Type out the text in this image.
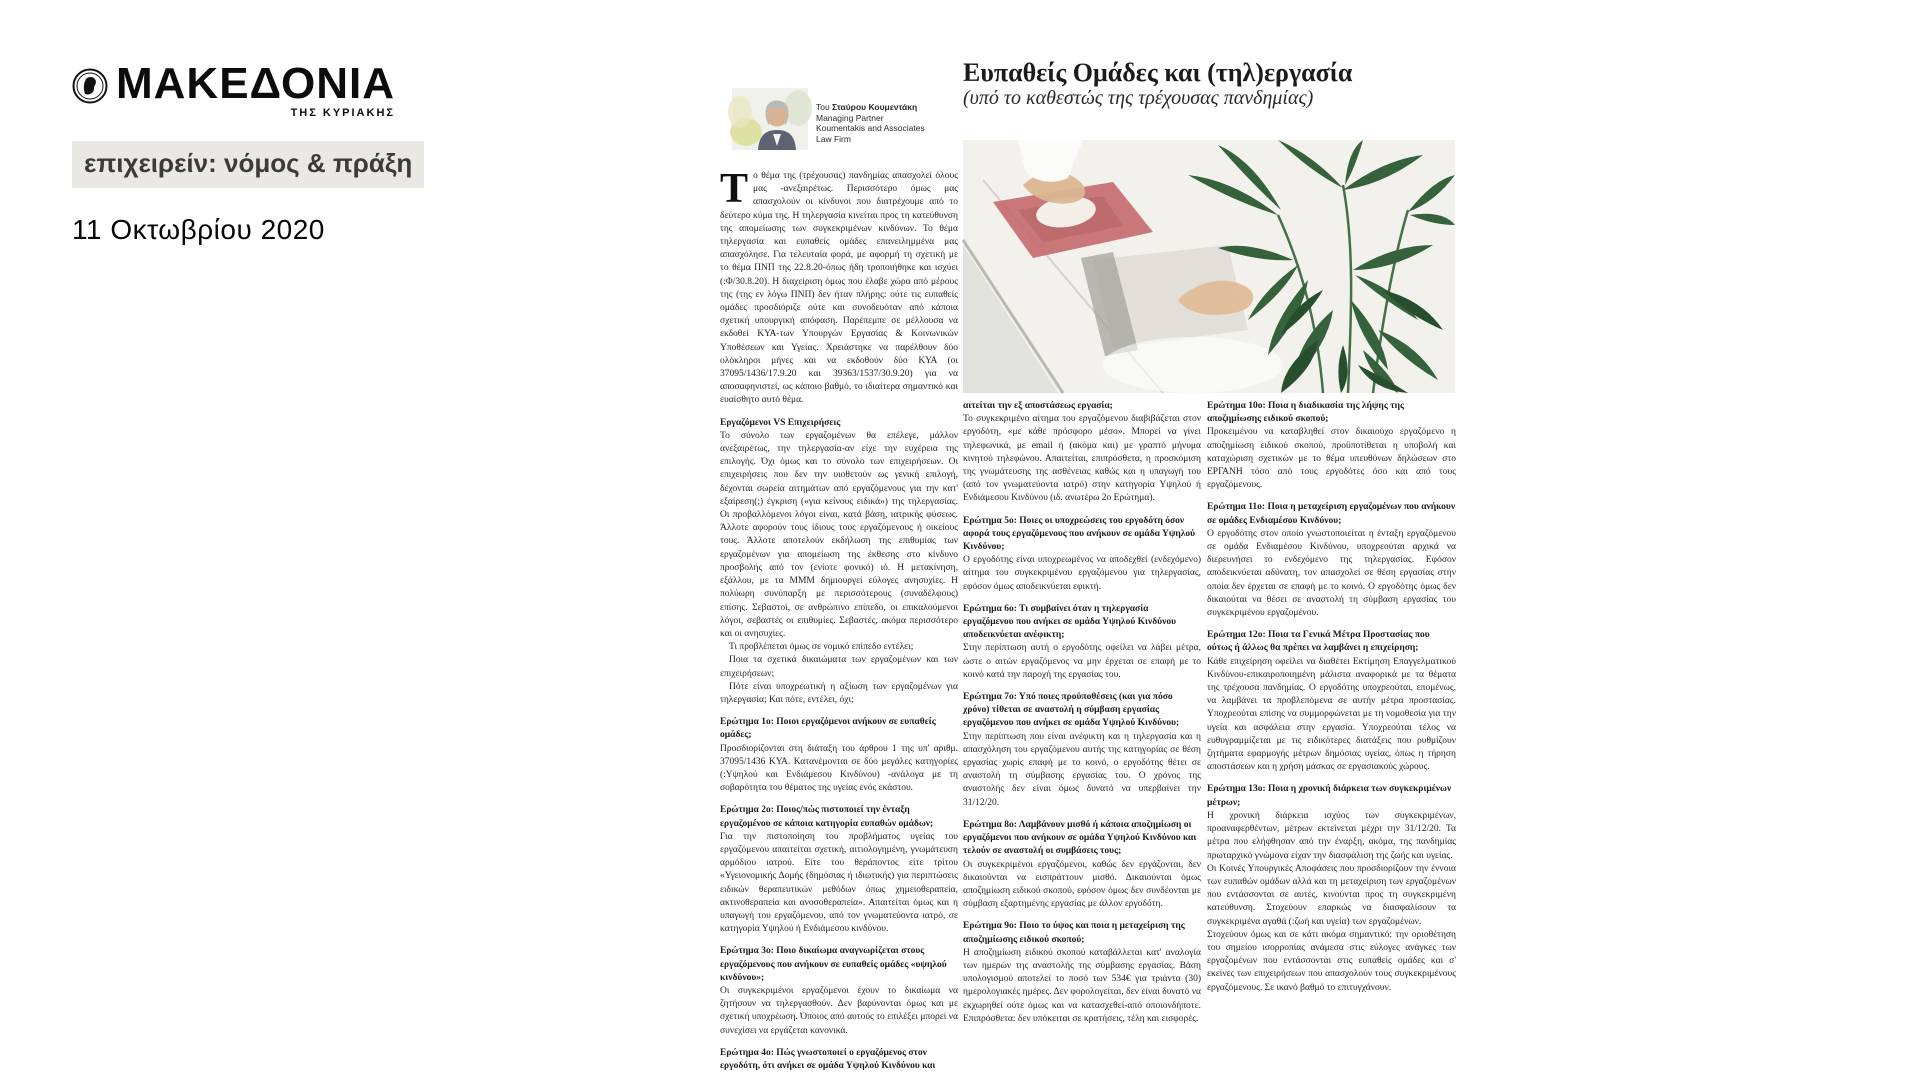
ΜΑΚΕΔΟΝΙΑ
ΤΗΣ ΚΥΡΙΑΚΗΣ
επιχειρείν: νόμος & πράξη
11 Οκτωβρίου 2020
Του Σταύρου Κουμεντάκη
Managing Partner
Koumentakis and Associates
Law Firm
Ευπαθείς Ομάδες και (τηλ)εργασία
(υπό το καθεστώς της τρέχουσας πανδημίας)

Το θέμα της (τρέχουσας) πανδημίας απασχολεί όλους μας -ανεξαιρέτως. Περισσότερο όμως μας απασχολούν οι κίνδυνοι που διατρέχουμε από το δεύτερο κύμα της. Η τηλεργασία κινείται προς τη κατεύθυνση της απομείωσης των συγκεκριμένων κινδύνων. Το θέμα τηλεργασία και ευπαθείς ομάδες επανειλημμένα μας απασχόλησε. Για τελευταία φορά, με αφορμή τη σχετική με το θέμα ΠΝΠ της 22.8.20-όπως ήδη τροποιήθηκε και ισχύει (:Φ/30.8.20). Η διαχείριση όμως που έλαβε χώρα από μέρους της (της εν λόγω ΠΝΠ) δεν ήταν πλήρης: ούτε τις ευπαθείς ομάδες προσδιόριζε ούτε και συνοδευόταν από κάποια σχετική υπουργική απόφαση. Παρέπεμπε σε μέλλουσα να εκδοθεί ΚΥΑ-των Υπουργών Εργασίας & Κοινωνικών Υποθέσεων και Υγείας. Χρειάστηκε να παρέλθουν δύο ολόκληροι μήνες και να εκδοθούν δύο ΚΥΑ (οι 37095/1436/17.9.20 και 39363/1537/30.9.20) για να αποσαφηνιστεί, ως κάποιο βαθμό, το ιδιαίτερα σημαντικό και ευαίσθητο αυτό θέμα.

Εργαζόμενοι VS Επιχειρήσεις

Το σύνολο των εργαζομένων θα επέλεγε, μάλλον ανεξαιρέτως, την τηλεργασία-αν είχε την ευχέρεια της επιλογής. Όχι όμως και το σύνολο των επιχειρήσεων. Οι επιχειρήσεις που δεν την υιοθετούν ως γενική επιλογή, δέχονται σωρεία αιτημάτων από εργαζόμενους για την κατ' εξαίρεση(;) έγκριση («για κείνους ειδικά») της τηλεργασίας. Οι προβαλλόμενοι λόγοι είναι, κατά βάση, ιατρικής φύσεως. Άλλοτε αφορούν τους ίδιους τους εργαζόμενους ή οικείους τους. Άλλοτε αποτελούν εκδήλωση της επιθυμίας των εργαζομένων για απομείωση της έκθεσης στο κίνδυνο προσβολής από τον (ενίοτε φονικό) ιό. Η μετακίνηση, εξάλλου, με τα ΜΜΜ δημιουργεί εύλογες ανησυχίες. Η πολύωρη συνύπαρξη με περισσότερους (συναδέλφους) επίσης. Σεβαστοί, σε ανθρώπινο επίπεδο, οι επικαλούμενοι λόγοι, σεβαστές οι επιθυμίες. Σεβαστές, ακόμα περισσότερο και οι ανησυχίες.

Τι προβλέπεται όμως σε νομικό επίπεδο εντέλει;

Ποια τα σχετικά δικαιώματα των εργαζομένων και των επιχειρήσεων;

Πότε είναι υποχρεωτική η αξίωση των εργαζομένων για τηλεργασία; Και πότε, εντέλει, όχι;

Ερώτημα 1ο: Ποιοι εργαζόμενοι ανήκουν σε ευπαθείς ομάδες;

Προσδιορίζονται στη διάταξη του άρθρου 1 της υπ' αριθμ. 37095/1436 ΚΥΑ. Κατανέμονται σε δύο μεγάλες κατηγορίες (:Υψηλού και Ενδιάμεσου Κινδύνου) -ανάλογα με τη σοβαρότητα του θέματος της υγείας ενός εκάστου.

Ερώτημα 2ο: Ποιος/πώς πιστοποιεί την ένταξη εργαζομένου σε κάποια κατηγορία ευπαθών ομάδων;

Για την πιστοποίηση του προβλήματος υγείας του εργαζόμενου απαιτείται σχετική, αιτιολογημένη, γνωμάτευση αρμόδιου ιατρού. Είτε του θεράποντος είτε τρίτου «Υγειονομικής Δομής (δημόσιας ή ιδιωτικής) για περιπτώσεις ειδικών θεραπευτικών μεθόδων όπως χημειοθεραπεία, ακτινοθεραπεία και ανοσοθεραπεία». Απαιτείται όμως και η υπαγωγή του εργαζόμενου, από τον γνωματεύοντα ιατρό, σε κατηγορία Υψηλού ή Ενδιάμεσου κινδύνου.

Ερώτημα 3ο: Ποιο δικαίωμα αναγνωρίζεται στους εργαζόμενους που ανήκουν σε ευπαθείς ομάδες «υψηλού κινδύνου»;

Οι συγκεκριμένοι εργαζόμενοι έχουν το δικαίωμα να ζητήσουν να τηλεργασθούν. Δεν βαρύνονται όμως και με σχετική υποχρέωση. Όποιος από αυτούς το επιλέξει μπορεί να συνεχίσει να εργάζεται κανονικά.

Ερώτημα 4ο: Πώς γνωστοποιεί ο εργαζόμενος στον εργοδότη, ότι ανήκει σε ομάδα Υψηλού Κινδύνου και

αιτείται την εξ αποστάσεως εργασία;

Το συγκεκριμένο αίτημα του εργαζόμενου διαβιβάζεται στον εργοδότη, «με κάθε πρόσφορο μέσο». Μπορεί να γίνει τηλεφωνικά, με email ή (ακόμα και) με γραπτό μήνυμα κινητού τηλεφώνου. Απαιτείται, επιπρόσθετα, η προσκόμιση της γνωμάτευσης της ασθένειας καθώς και η υπαγωγή του (από τον γνωματεύοντα ιατρό) στην κατηγορία Υψηλού ή Ενδιάμεσου Κινδύνου (ιδ. ανωτέρω 2ο Ερώτημα).

Ερώτημα 5ο: Ποιες οι υποχρεώσεις του εργοδότη όσον αφορά τους εργαζόμενους που ανήκουν σε ομάδα Υψηλού Κινδύνου;

Ο εργοδότης είναι υποχρεωμένος να αποδεχθεί (ενδεχόμενο) αίτημα του συγκεκριμένου εργαζόμενου για τηλεργασίας, εφόσον όμως αποδεικνύεται εφικτή.

Ερώτημα 6ο: Τι συμβαίνει όταν η τηλεργασία εργαζόμενου που ανήκει σε ομάδα Υψηλού Κινδύνου αποδεικνύεται ανέφικτη;

Στην περίπτωση αυτή ο εργοδότης οφείλει να λάβει μέτρα, ώστε ο αιτών εργαζόμενος να μην έρχεται σε επαφή με το κοινό κατά την παροχή της εργασίας του.

Ερώτημα 7ο: Υπό ποιες προϋποθέσεις (και για πόσο χρόνο) τίθεται σε αναστολή η σύμβαση εργασίας εργαζόμενου που ανήκει σε ομάδα Υψηλού Κινδύνου;

Στην περίπτωση που είναι ανέφικτη και η τηλεργασία και η απασχόληση του εργαζόμενου αυτής της κατηγορίας σε θέση εργασίας χωρίς επαφή με το κοινό, ο εργοδότης θέτει σε αναστολή τη σύμβασης εργασίας του. Ο χρόνος της αναστολής δεν είναι όμως δυνατό να υπερβαίνει την 31/12/20.

Ερώτημα 8ο: Λαμβάνουν μισθό ή κάποια αποζημίωση οι εργαζόμενοι που ανήκουν σε ομάδα Υψηλού Κινδύνου και τελούν σε αναστολή οι συμβάσεις τους;

Οι συγκεκριμένοι εργαζόμενοι, καθώς δεν εργάζονται, δεν δικαιούνται να εισπράττουν μισθό. Δικαιούνται όμως αποζημίωση ειδικού σκοπού, εφόσον όμως δεν συνδέονται με σύμβαση εξαρτημένης εργασίας με άλλον εργοδότη.

Ερώτημα 9ο: Ποιο το ύψος και ποια η μεταχείριση της αποζημίωσης ειδικού σκοπού;

Η αποζημίωση ειδικού σκοπού καταβάλλεται κατ' αναλογία των ημερών της αναστολής της σύμβασης εργασίας. Βάση υπολογισμού αποτελεί το ποσό των 534€ για τριάντα (30) ημερολογιακές ημέρες. Δεν φορολογείται, δεν είναι δυνατό να εκχωρηθεί ούτε όμως και να κατασχεθεί-από οποιονδήποτε. Επιπρόσθετα: δεν υπόκειται σε κρατήσεις, τέλη και εισφορές.

Ερώτημα 10ο: Ποια η διαδικασία της λήψης της αποζημίωσης ειδικού σκοπού;

Προκειμένου να καταβληθεί στον δικαιούχο εργαζόμενο η αποζημίωση ειδικού σκοπού, προϋποτίθεται η υποβολή και καταχώριση σχετικών με το θέμα υπευθύνων δηλώσεων στο ΕΡΓΑΝΗ τόσο από τους εργοδότες όσο και από τους εργαζόμενους.

Ερώτημα 11ο: Ποια η μεταχείριση εργαζομένων που ανήκουν σε ομάδες Ενδιαμέσου Κινδύνου;

Ο εργοδότης στον οποίο γνωστοποιείται η ένταξη εργαζόμενου σε ομάδα Ενδιαμέσου Κινδύνου, υποχρεούται αρχικά να διερευνήσει το ενδεχόμενο της τηλεργασίας. Εφόσον αποδεικνύεται αδύνατη, τον απασχολεί σε θέση εργασίας στην οποία δεν έρχεται σε επαφή με το κοινό. Ο εργοδότης όμως δεν δικαιούται να θέσει σε αναστολή τη σύμβαση εργασίας του συγκεκριμένου εργαζομένου.

Ερώτημα 12ο: Ποια τα Γενικά Μέτρα Προστασίας που ούτως ή άλλως θα πρέπει να λαμβάνει η επιχείρηση;

Κάθε επιχείρηση οφείλει να διαθέτει Εκτίμηση Επαγγελματικού Κινδύνου-επικαιροποιημένη μάλιστα αναφορικά με τα θέματα της τρέχουσα πανδημίας. Ο εργοδότης υποχρεούται, επομένως, να λαμβάνει τα προβλεπόμενα σε αυτήν μέτρα προστασίας. Υποχρεούται επίσης να συμμορφώνεται με τη νομοθεσία για την υγεία και ασφάλεια στην εργασία. Υποχρεούται τέλος να ευθυγραμμίζεται με τις ειδικότερες διατάξεις που ρυθμίζουν ζητήματα εφαρμογής μέτρων δημόσιας υγείας, όπως η τήρηση αποστάσεων και η χρήση μάσκας σε εργασιακούς χώρους.

Ερώτημα 13ο: Ποια η χρονική διάρκεια των συγκεκριμένων μέτρων;

Η χρονική διάρκεια ισχύος των συγκεκριμένων, προαναφερθέντων, μέτρων εκτείνεται μέχρι την 31/12/20. Τα μέτρα που ελήφθησαν από την έναρξη, ακόμα, της πανδημίας πρωταρχικό γνώμονα είχαν την διασφάλιση της ζωής και υγείας.

Οι Κοινές Υπουργικές Αποφάσεις που προσδιορίζουν την έννοια των ευπαθών ομάδων αλλά και τη μεταχείριση των εργαζομένων που εντάσσονται σε αυτές, κινούνται προς τη συγκεκριμένη κατεύθυνση. Στοχεύουν επαρκώς να διασφαλίσουν τα συγκεκριμένα αγαθά (:ζωή και υγεία) των εργαζομένων.

Στοχεύουν όμως και σε κάτι ακόμα σημαντικό: την οριοθέτηση του σημείου ισορροπίας ανάμεσα στις εύλογες ανάγκες των εργαζομένων που εντάσσονται στις ευπαθείς ομάδες και σ' εκείνες των επιχειρήσεων που απασχολούν τους συγκεκριμένους εργαζόμενους. Σε ικανό βαθμό το επιτυγχάνουν.
